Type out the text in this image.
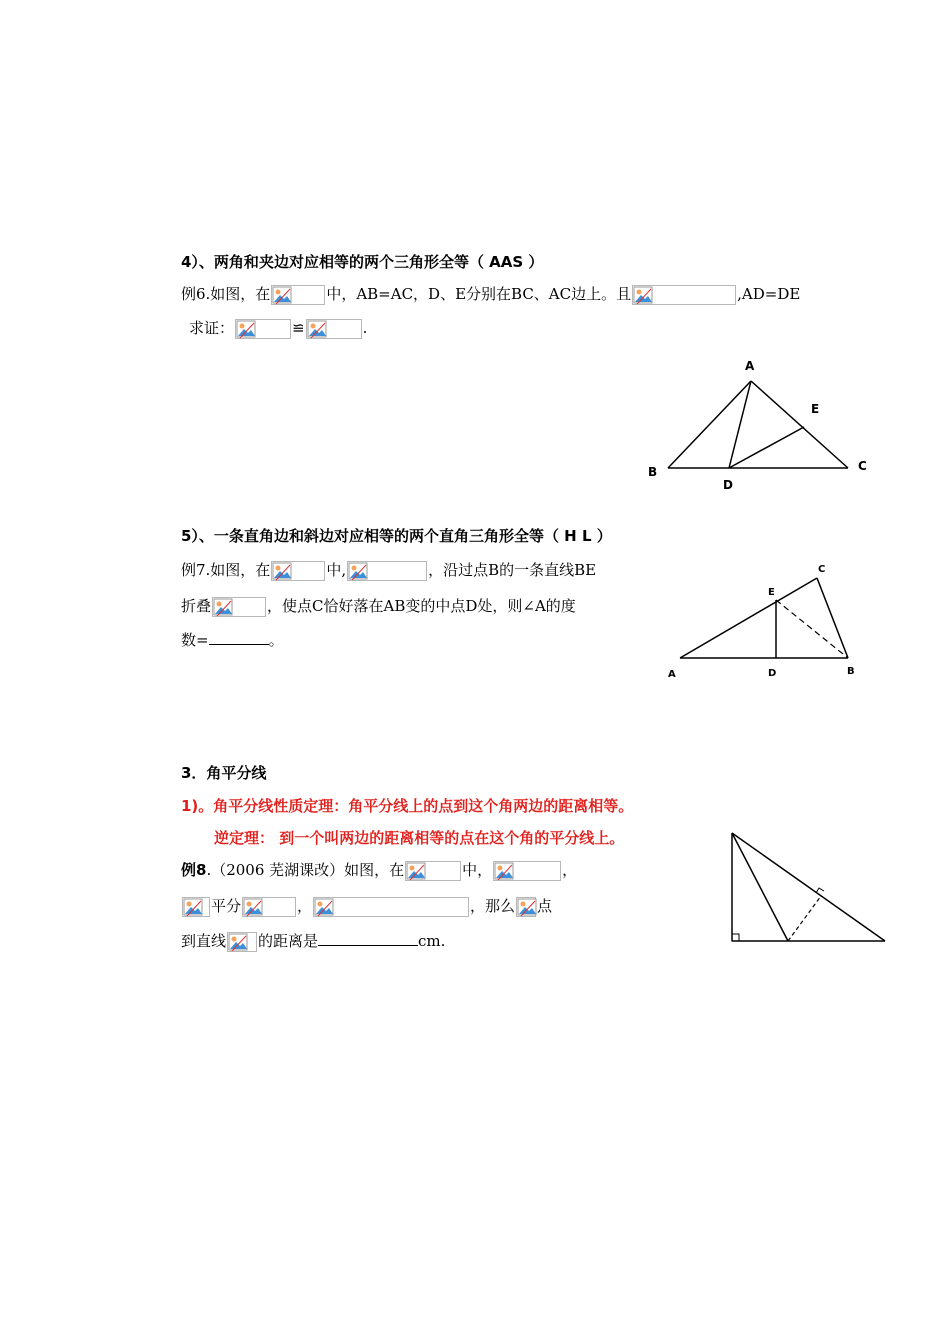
4）、两角和夹边对应相等的两个三角形全等（ AAS ）
例6.如图，在	中，AB=AC，D、E分别在BC、AC边上。且	,AD=DE
求证：	≌	.
A
B	C
D
E
5）、一条直角边和斜边对应相等的两个直角三角形全等（ H L ）
例7.如图，在	中,	，沿过点B的一条直线BE
折叠	，使点C恰好落在AB变的中点D处，则∠A的度
数=	。
A	B
C
D
E
3．角平分线
1)。角平分线性质定理：角平分线上的点到这个角两边的距离相等。
逆定理： 到一个叫两边的距离相等的点在这个角的平分线上。
例8.（2006 芜湖课改）如图，在	中，	，
平分	，	，那么 点
到直线 的距离是	cm.
